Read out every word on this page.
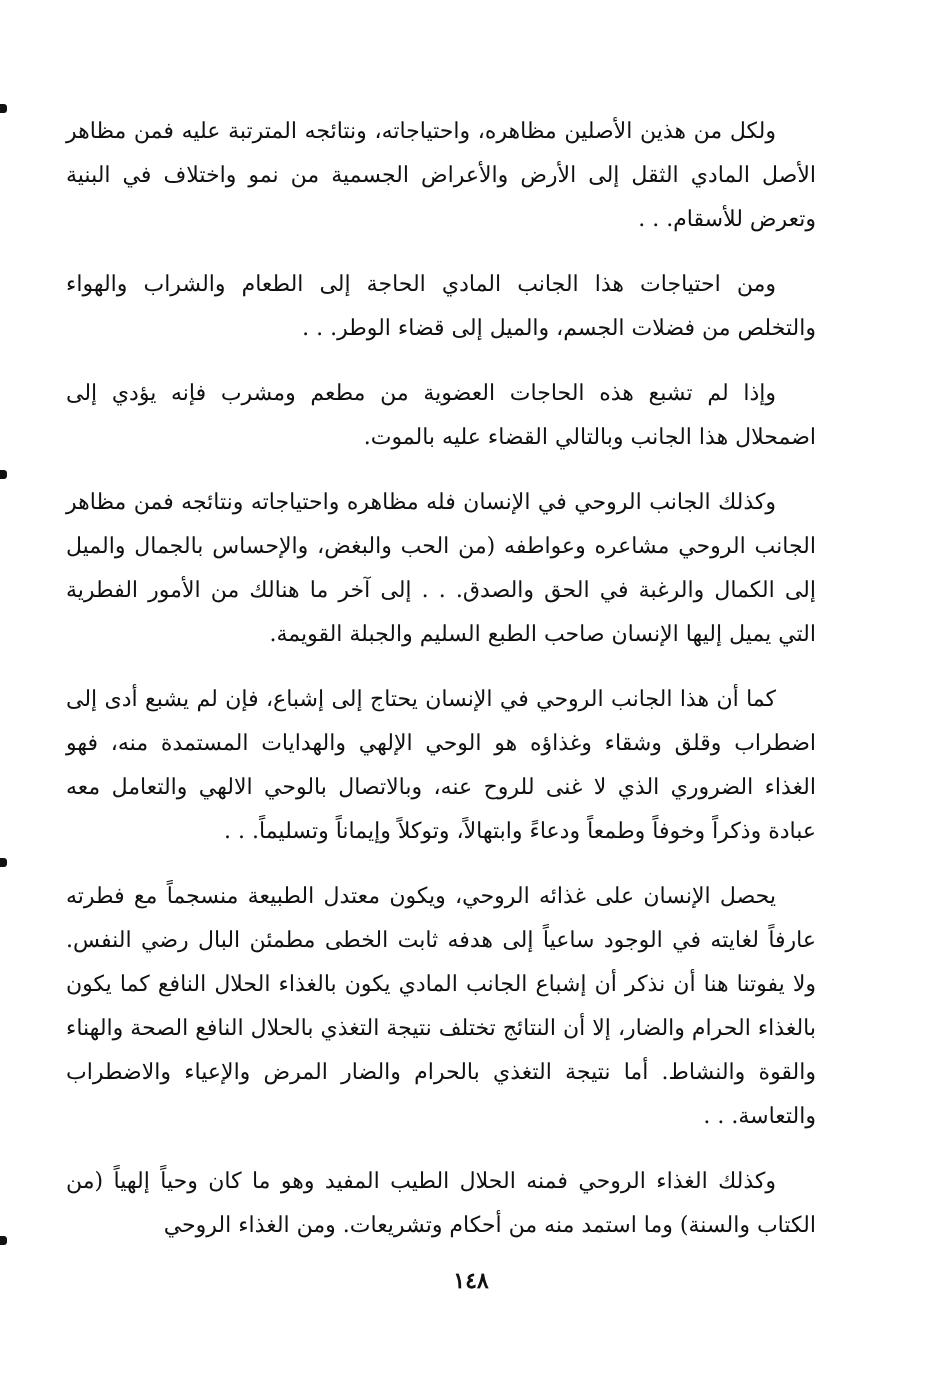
ولكل من هذين الأصلين مظاهره، واحتياجاته، ونتائجه المترتبة عليه فمن مظاهر الأصل المادي الثقل إلى الأرض والأعراض الجسمية من نمو واختلاف في البنية وتعرض للأسقام. . .

ومن احتياجات هذا الجانب المادي الحاجة إلى الطعام والشراب والهواء والتخلص من فضلات الجسم، والميل إلى قضاء الوطر. . .

وإذا لم تشبع هذه الحاجات العضوية من مطعم ومشرب فإنه يؤدي إلى اضمحلال هذا الجانب وبالتالي القضاء عليه بالموت.

وكذلك الجانب الروحي في الإنسان فله مظاهره واحتياجاته ونتائجه فمن مظاهر الجانب الروحي مشاعره وعواطفه (من الحب والبغض، والإحساس بالجمال والميل إلى الكمال والرغبة في الحق والصدق. . . إلى آخر ما هنالك من الأمور الفطرية التي يميل إليها الإنسان صاحب الطبع السليم والجبلة القويمة.

كما أن هذا الجانب الروحي في الإنسان يحتاج إلى إشباع، فإن لم يشبع أدى إلى اضطراب وقلق وشقاء وغذاؤه هو الوحي الإلهي والهدايات المستمدة منه، فهو الغذاء الضروري الذي لا غنى للروح عنه، وبالاتصال بالوحي الالهي والتعامل معه عبادة وذكراً وخوفاً وطمعاً ودعاءً وابتهالاً، وتوكلاً وإيماناً وتسليماً. . .

يحصل الإنسان على غذائه الروحي، ويكون معتدل الطبيعة منسجماً مع فطرته عارفاً لغايته في الوجود ساعياً إلى هدفه ثابت الخطى مطمئن البال رضي النفس. ولا يفوتنا هنا أن نذكر أن إشباع الجانب المادي يكون بالغذاء الحلال النافع كما يكون بالغذاء الحرام والضار، إلا أن النتائج تختلف نتيجة التغذي بالحلال النافع الصحة والهناء والقوة والنشاط. أما نتيجة التغذي بالحرام والضار المرض والإعياء والاضطراب والتعاسة. . .

وكذلك الغذاء الروحي فمنه الحلال الطيب المفيد وهو ما كان وحياً إلهياً (من الكتاب والسنة) وما استمد منه من أحكام وتشريعات. ومن الغذاء الروحي

١٤٨
